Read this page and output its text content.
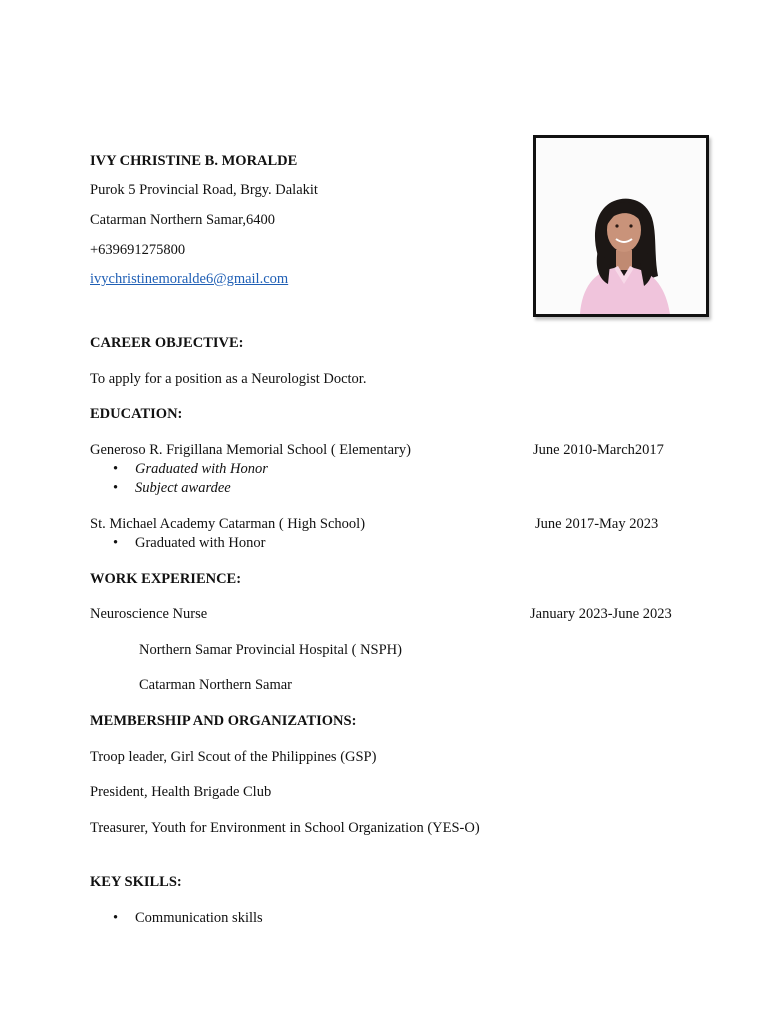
IVY CHRISTINE B. MORALDE
Purok 5 Provincial Road, Brgy. Dalakit
Catarman Northern Samar,6400
+639691275800
ivychristinemoralde6@gmail.com
CAREER OBJECTIVE:
To apply for a position as a Neurologist Doctor.
EDUCATION:
Generoso R. Frigillana Memorial School ( Elementary)	June 2010-March2017
• Graduated with Honor
• Subject awardee
St. Michael Academy Catarman ( High School)	June 2017-May 2023
• Graduated with Honor
WORK EXPERIENCE:
Neuroscience Nurse	January 2023-June 2023
Northern Samar Provincial Hospital ( NSPH)
Catarman Northern Samar
MEMBERSHIP AND ORGANIZATIONS:
Troop leader, Girl Scout of the Philippines (GSP)
President, Health Brigade Club
Treasurer, Youth for Environment in School Organization (YES-O)
KEY SKILLS:
• Communication skills
